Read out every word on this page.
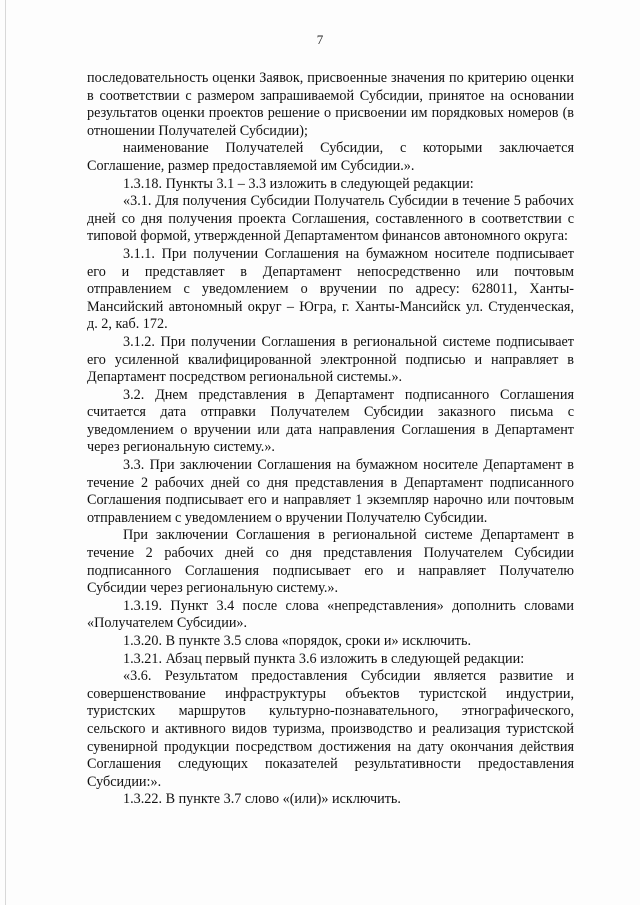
7

последовательность оценки Заявок, присвоенные значения по критерию оценки в соответствии с размером запрашиваемой Субсидии, принятое на основании результатов оценки проектов решение о присвоении им порядковых номеров (в отношении Получателей Субсидии);

наименование Получателей Субсидии, с которыми заключается Соглашение, размер предоставляемой им Субсидии.».

1.3.18. Пункты 3.1 – 3.3 изложить в следующей редакции:

«3.1. Для получения Субсидии Получатель Субсидии в течение 5 рабочих дней со дня получения проекта Соглашения, составленного в соответствии с типовой формой, утвержденной Департаментом финансов автономного округа:

3.1.1. При получении Соглашения на бумажном носителе подписывает его и представляет в Департамент непосредственно или почтовым отправлением с уведомлением о вручении по адресу: 628011, Ханты-Мансийский автономный округ – Югра, г. Ханты-Мансийск ул. Студенческая, д. 2, каб. 172.

3.1.2. При получении Соглашения в региональной системе подписывает его усиленной квалифицированной электронной подписью и направляет в Департамент посредством региональной системы.».

3.2. Днем представления в Департамент подписанного Соглашения считается дата отправки Получателем Субсидии заказного письма с уведомлением о вручении или дата направления Соглашения в Департамент через региональную систему.».

3.3. При заключении Соглашения на бумажном носителе Департамент в течение 2 рабочих дней со дня представления в Департамент подписанного Соглашения подписывает его и направляет 1 экземпляр нарочно или почтовым отправлением с уведомлением о вручении Получателю Субсидии.

При заключении Соглашения в региональной системе Департамент в течение 2 рабочих дней со дня представления Получателем Субсидии подписанного Соглашения подписывает его и направляет Получателю Субсидии через региональную систему.».

1.3.19. Пункт 3.4 после слова «непредставления» дополнить словами «Получателем Субсидии».

1.3.20. В пункте 3.5 слова «порядок, сроки и» исключить.

1.3.21. Абзац первый пункта 3.6 изложить в следующей редакции:

«3.6. Результатом предоставления Субсидии является развитие и совершенствование инфраструктуры объектов туристской индустрии, туристских маршрутов культурно-познавательного, этнографического, сельского и активного видов туризма, производство и реализация туристской сувенирной продукции посредством достижения на дату окончания действия Соглашения следующих показателей результативности предоставления Субсидии:».

1.3.22. В пункте 3.7 слово «(или)» исключить.
